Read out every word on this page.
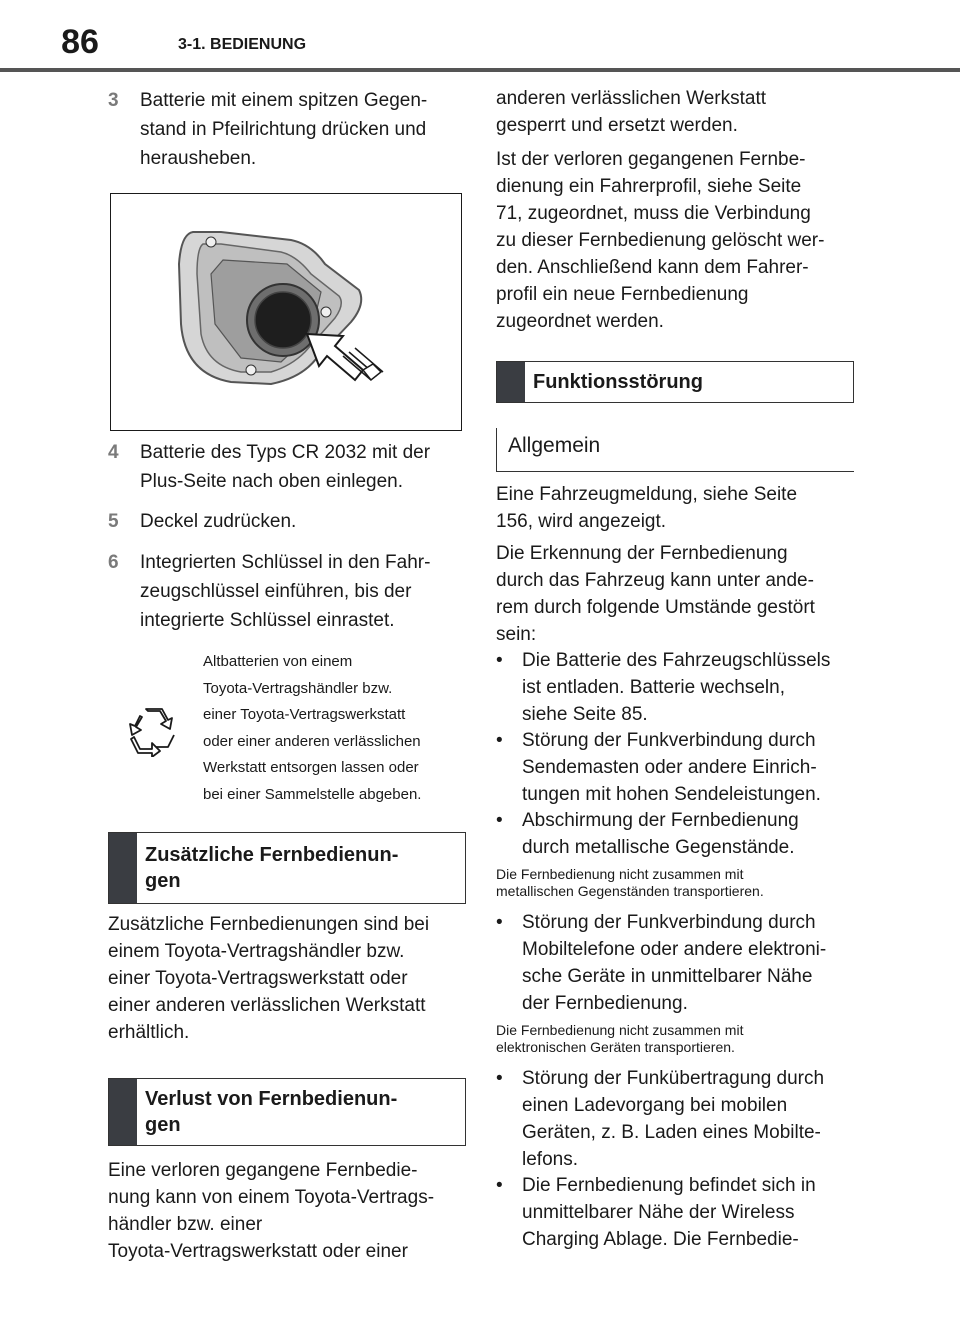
86	3-1. BEDIENUNG
3 Batterie mit einem spitzen Gegen-
stand in Pfeilrichtung drücken und
herausheben.
4 Batterie des Typs CR 2032 mit der
Plus-Seite nach oben einlegen.
5 Deckel zudrücken.
6 Integrierten Schlüssel in den Fahr-
zeugschlüssel einführen, bis der
integrierte Schlüssel einrastet.
Altbatterien von einem
Toyota-Vertragshändler bzw.
einer Toyota-Vertragswerkstatt
oder einer anderen verlässlichen
Werkstatt entsorgen lassen oder
bei einer Sammelstelle abgeben.
Zusätzliche Fernbedienun-
gen
Zusätzliche Fernbedienungen sind bei
einem Toyota-Vertragshändler bzw.
einer Toyota-Vertragswerkstatt oder
einer anderen verlässlichen Werkstatt
erhältlich.
Verlust von Fernbedienun-
gen
Eine verloren gegangene Fernbedie-
nung kann von einem Toyota-Vertrags-
händler bzw. einer
Toyota-Vertragswerkstatt oder einer
anderen verlässlichen Werkstatt
gesperrt und ersetzt werden.
Ist der verloren gegangenen Fernbe-
dienung ein Fahrerprofil, siehe Seite
71, zugeordnet, muss die Verbindung
zu dieser Fernbedienung gelöscht wer-
den. Anschließend kann dem Fahrer-
profil ein neue Fernbedienung
zugeordnet werden.
Funktionsstörung
Allgemein
Eine Fahrzeugmeldung, siehe Seite
156, wird angezeigt.
Die Erkennung der Fernbedienung
durch das Fahrzeug kann unter ande-
rem durch folgende Umstände gestört
sein:
• Die Batterie des Fahrzeugschlüssels
ist entladen. Batterie wechseln,
siehe Seite 85.
• Störung der Funkverbindung durch
Sendemasten oder andere Einrich-
tungen mit hohen Sendeleistungen.
• Abschirmung der Fernbedienung
durch metallische Gegenstände.
Die Fernbedienung nicht zusammen mit
metallischen Gegenständen transportieren.
• Störung der Funkverbindung durch
Mobiltelefone oder andere elektroni-
sche Geräte in unmittelbarer Nähe
der Fernbedienung.
Die Fernbedienung nicht zusammen mit
elektronischen Geräten transportieren.
• Störung der Funkübertragung durch
einen Ladevorgang bei mobilen
Geräten, z. B. Laden eines Mobilte-
lefons.
• Die Fernbedienung befindet sich in
unmittelbarer Nähe der Wireless
Charging Ablage. Die Fernbedie-
